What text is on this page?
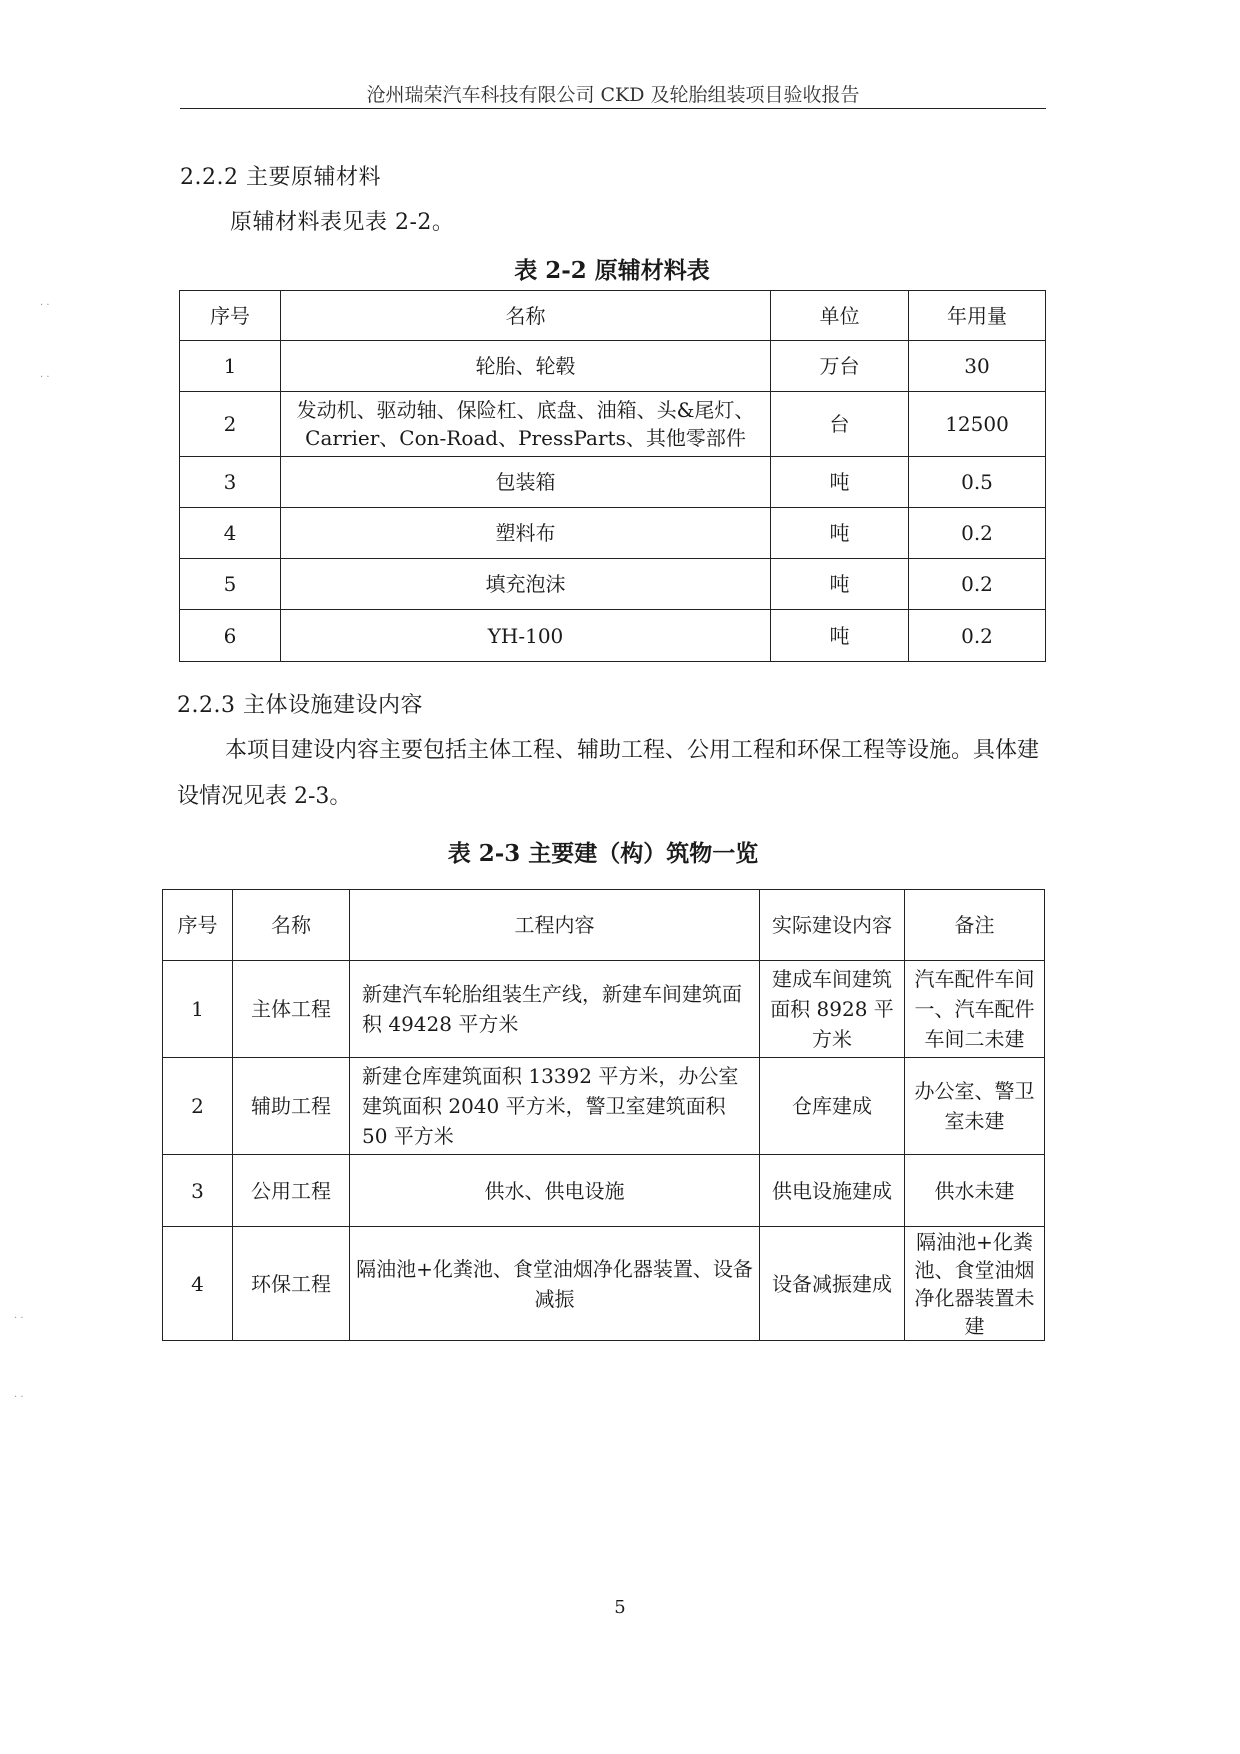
沧州瑞荣汽车科技有限公司 CKD 及轮胎组装项目验收报告
2.2.2 主要原辅材料
原辅材料表见表 2-2。
表 2-2 原辅材料表
序号	名称	单位	年用量
1	轮胎、轮毂	万台	30
2	发动机、驱动轴、保险杠、底盘、油箱、头&尾灯、Carrier、Con-Road、PressParts、其他零部件	台	12500
3	包装箱	吨	0.5
4	塑料布	吨	0.2
5	填充泡沫	吨	0.2
6	YH-100	吨	0.2
2.2.3 主体设施建设内容
本项目建设内容主要包括主体工程、辅助工程、公用工程和环保工程等设施。具体建设情况见表 2-3。
表 2-3 主要建（构）筑物一览
序号	名称	工程内容	实际建设内容	备注
1	主体工程	新建汽车轮胎组装生产线，新建车间建筑面积 49428 平方米	建成车间建筑面积 8928 平方米	汽车配件车间一、汽车配件车间二未建
2	辅助工程	新建仓库建筑面积 13392 平方米，办公室建筑面积 2040 平方米，警卫室建筑面积 50 平方米	仓库建成	办公室、警卫室未建
3	公用工程	供水、供电设施	供电设施建成	供水未建
4	环保工程	隔油池+化粪池、食堂油烟净化器装置、设备减振	设备减振建成	隔油池+化粪池、食堂油烟净化器装置未建
5
· ·
· ·
· ·
· ·
